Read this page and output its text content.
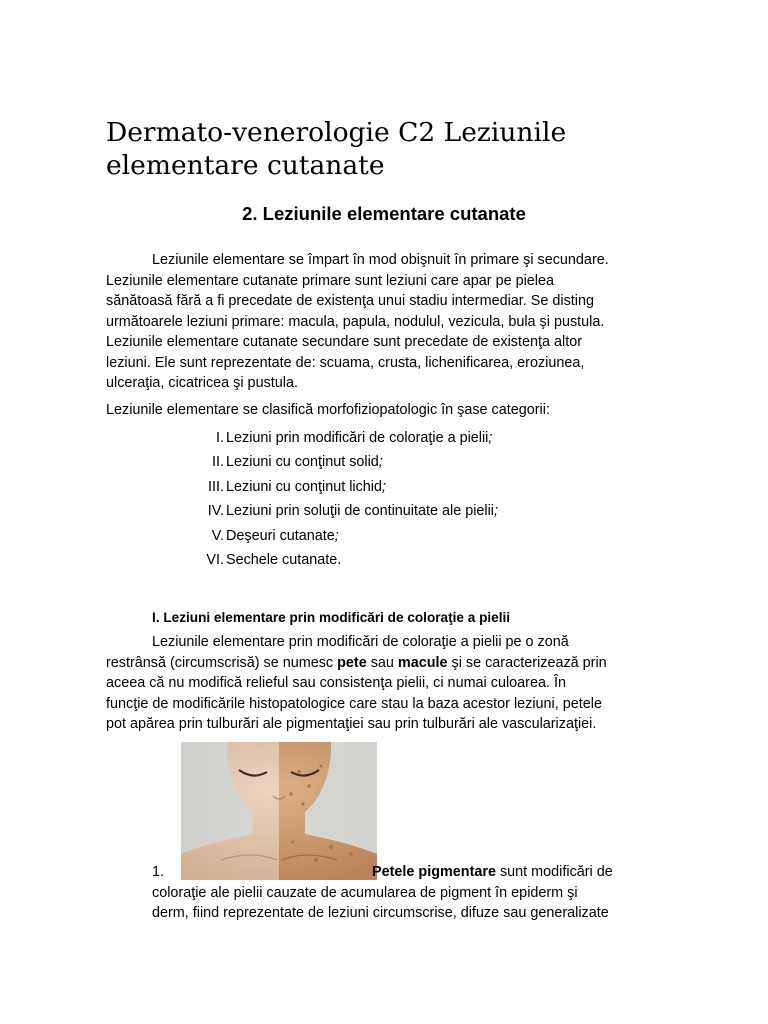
Dermato-venerologie C2 Leziunile
elementare cutanate
2. Leziunile elementare cutanate

Leziunile elementare se împart în mod obişnuit în primare şi secundare.
Leziunile elementare cutanate primare sunt leziuni care apar pe pielea
sănătoasă fără a fi precedate de existenţa unui stadiu intermediar. Se disting
următoarele leziuni primare: macula, papula, nodulul, vezicula, bula şi pustula.
Leziunile elementare cutanate secundare sunt precedate de existenţa altor
leziuni. Ele sunt reprezentate de: scuama, crusta, lichenificarea, eroziunea,
ulceraţia, cicatricea şi pustula.

Leziunile elementare se clasifică morfofiziopatologic în şase categorii:

I. Leziuni prin modificări de coloraţie a pielii;
II. Leziuni cu conţinut solid;
III. Leziuni cu conţinut lichid;
IV. Leziuni prin soluţii de continuitate ale pielii;
V. Deşeuri cutanate;
VI. Sechele cutanate.
I. Leziuni elementare prin modificări de coloraţie a pielii

Leziunile elementare prin modificări de coloraţie a pielii pe o zonă
restrânsă (circumscrisă) se numesc pete sau macule şi se caracterizează prin
aceea că nu modifică relieful sau consistenţa pielii, ci numai culoarea. În
funcţie de modificările histopatologice care stau la baza acestor leziuni, petele
pot apărea prin tulburări ale pigmentaţiei sau prin tulburări ale vascularizaţiei.

1.	Petele pigmentare sunt modificări de
coloraţie ale pielii cauzate de acumularea de pigment în epiderm şi
derm, fiind reprezentate de leziuni circumscrise, difuze sau generalizate
